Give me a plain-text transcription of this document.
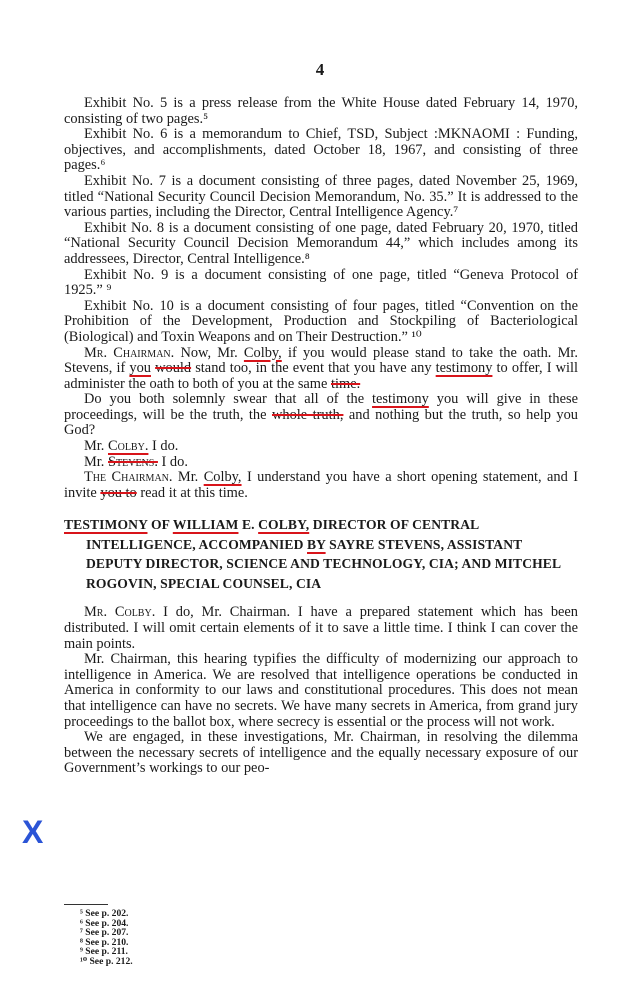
4

Exhibit No. 5 is a press release from the White House dated February 14, 1970, consisting of two pages.⁵

Exhibit No. 6 is a memorandum to Chief, TSD, Subject :MKNAOMI : Funding, objectives, and accomplishments, dated October 18, 1967, and consisting of three pages.⁶

Exhibit No. 7 is a document consisting of three pages, dated November 25, 1969, titled “National Security Council Decision Memorandum, No. 35.” It is addressed to the various parties, including the Director, Central Intelligence Agency.⁷

Exhibit No. 8 is a document consisting of one page, dated February 20, 1970, titled “National Security Council Decision Memorandum 44,” which includes among its addressees, Director, Central Intelligence.⁸

Exhibit No. 9 is a document consisting of one page, titled “Geneva Protocol of 1925.” ⁹

Exhibit No. 10 is a document consisting of four pages, titled “Convention on the Prohibition of the Development, Production and Stockpiling of Bacteriological (Biological) and Toxin Weapons and on Their Destruction.” ¹⁰

Mr. Chairman. Now, Mr. Colby, if you would please stand to take the oath. Mr. Stevens, if you would stand too, in the event that you have any testimony to offer, I will administer the oath to both of you at the same time.

Do you both solemnly swear that all of the testimony you will give in these proceedings, will be the truth, the whole truth, and nothing but the truth, so help you God?

Mr. Colby. I do.

Mr. Stevens. I do.

The Chairman. Mr. Colby, I understand you have a short opening statement, and I invite you to read it at this time.

TESTIMONY OF WILLIAM E. COLBY, DIRECTOR OF CENTRAL INTELLIGENCE, ACCOMPANIED BY SAYRE STEVENS, ASSISTANT DEPUTY DIRECTOR, SCIENCE AND TECHNOLOGY, CIA; AND MITCHEL ROGOVIN, SPECIAL COUNSEL, CIA

Mr. Colby. I do, Mr. Chairman. I have a prepared statement which has been distributed. I will omit certain elements of it to save a little time. I think I can cover the main points.

Mr. Chairman, this hearing typifies the difficulty of modernizing our approach to intelligence in America. We are resolved that intelligence operations be conducted in America in conformity to our laws and constitutional procedures. This does not mean that intelligence can have no secrets. We have many secrets in America, from grand jury proceedings to the ballot box, where secrecy is essential or the process will not work.

We are engaged, in these investigations, Mr. Chairman, in resolving the dilemma between the necessary secrets of intelligence and the equally necessary exposure of our Government’s workings to our peo-

X
⁵ See p. 202.
⁶ See p. 204.
⁷ See p. 207.
⁸ See p. 210.
⁹ See p. 211.
¹⁰ See p. 212.
